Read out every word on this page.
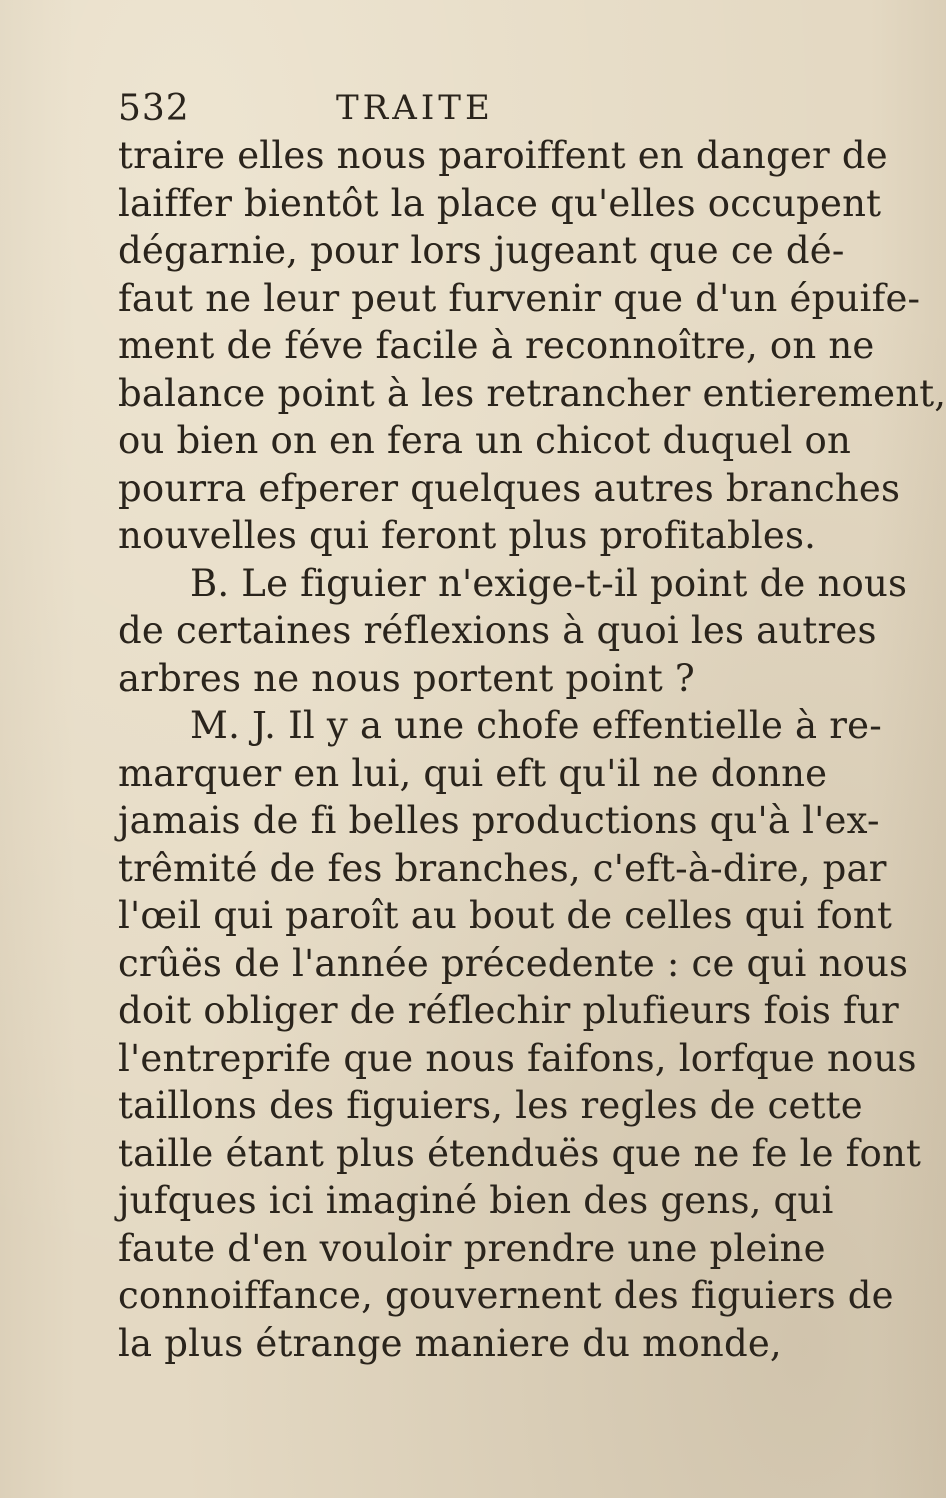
532	TRAITE
traire elles nous paroiffent en danger de
laiffer bientôt la place qu'elles occupent
dégarnie, pour lors jugeant que ce dé-
faut ne leur peut furvenir que d'un épuife-
ment de féve facile à reconnoître, on ne
balance point à les retrancher entierement,
ou bien on en fera un chicot duquel on
pourra efperer quelques autres branches
nouvelles qui feront plus profitables.
B. Le figuier n'exige-t-il point de nous
de certaines réflexions à quoi les autres
arbres ne nous portent point ?
M. J. Il y a une chofe effentielle à re-
marquer en lui, qui eft qu'il ne donne
jamais de fi belles productions qu'à l'ex-
trêmité de fes branches, c'eft-à-dire, par
l'œil qui paroît au bout de celles qui font
crûës de l'année précedente : ce qui nous
doit obliger de réflechir plufieurs fois fur
l'entreprife que nous faifons, lorfque nous
taillons des figuiers, les regles de cette
taille étant plus étenduës que ne fe le font
jufques ici imaginé bien des gens, qui
faute d'en vouloir prendre une pleine
connoiffance, gouvernent des figuiers de
la plus étrange maniere du monde,
